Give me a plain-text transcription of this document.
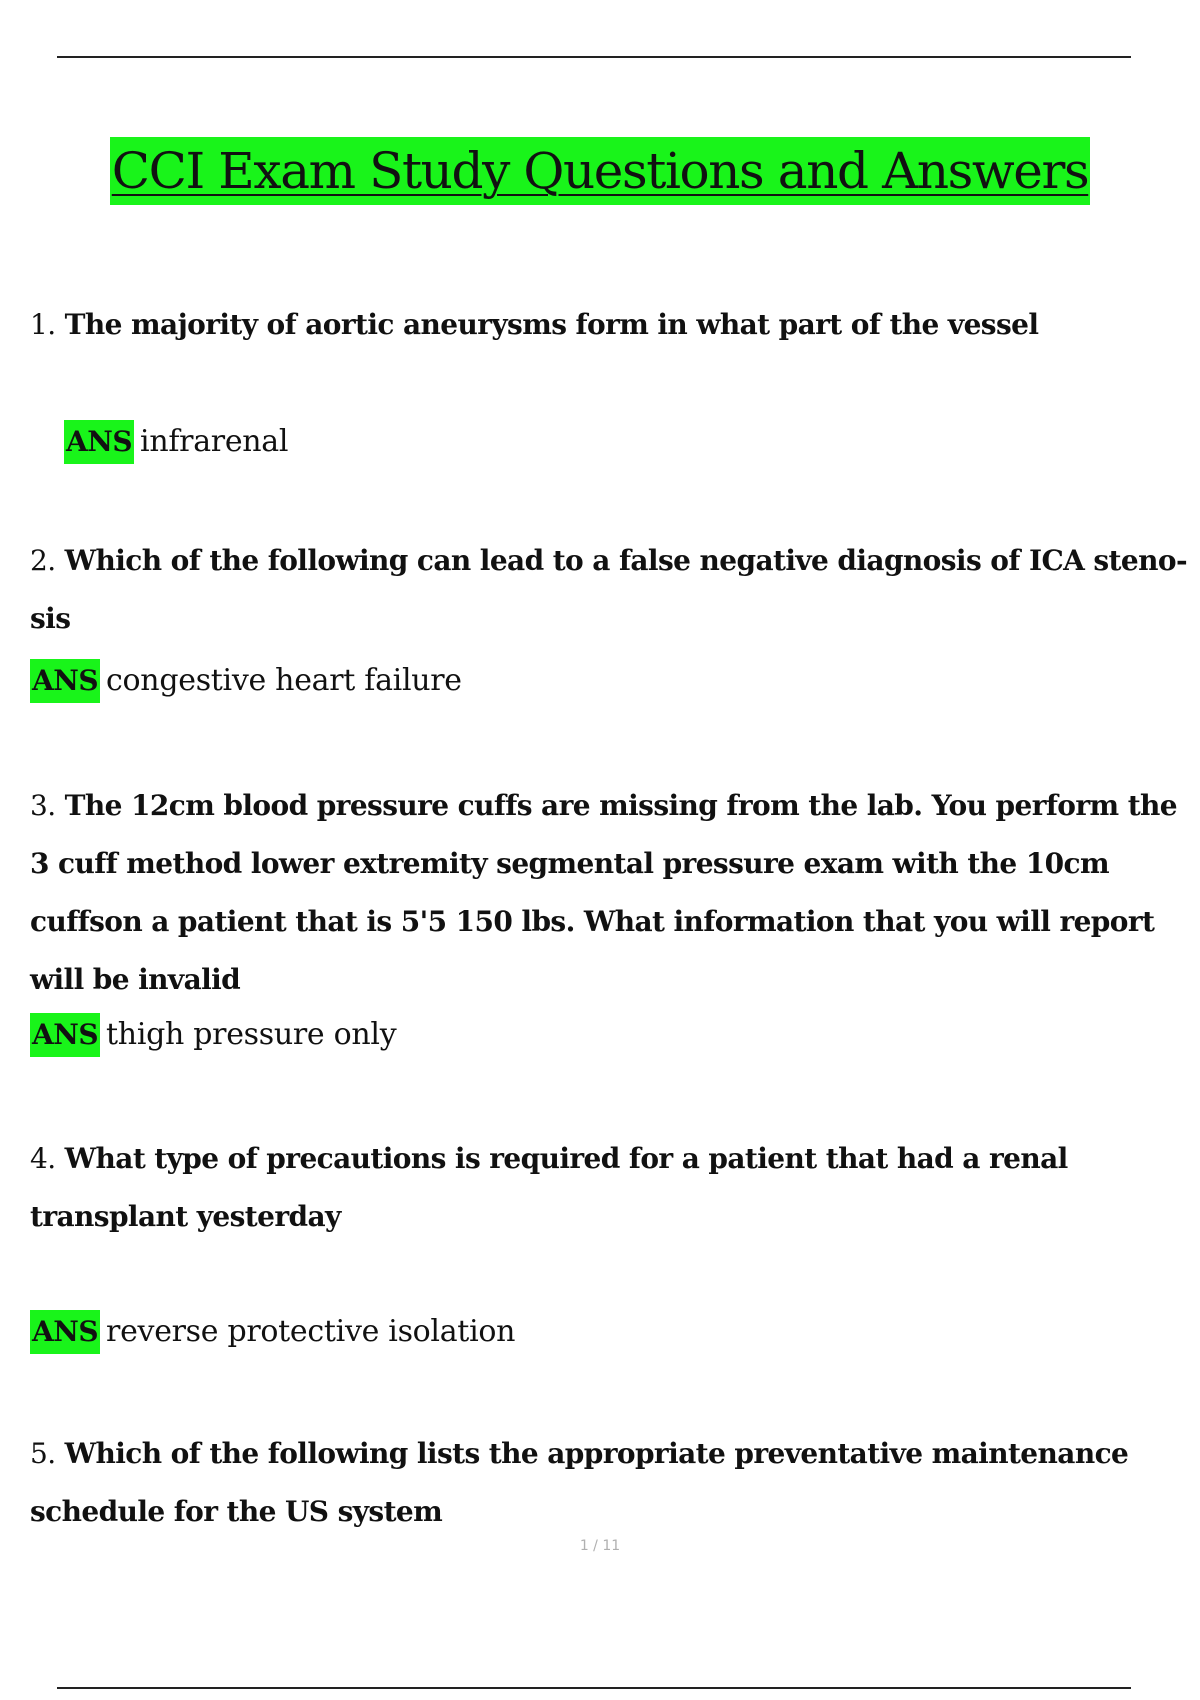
CCI Exam Study Questions and Answers
1. The majority of aortic aneurysms form in what part of the vessel
ANS infrarenal
2. Which of the following can lead to a false negative diagnosis of ICA steno-sis
ANS congestive heart failure
3. The 12cm blood pressure cuffs are missing from the lab. You perform the 3 cuff method lower extremity segmental pressure exam with the 10cm cuffson a patient that is 5'5 150 lbs. What information that you will report will be invalid
ANS thigh pressure only
4. What type of precautions is required for a patient that had a renal transplant yesterday
ANS reverse protective isolation
5. Which of the following lists the appropriate preventative maintenance schedule for the US system
1 / 11
